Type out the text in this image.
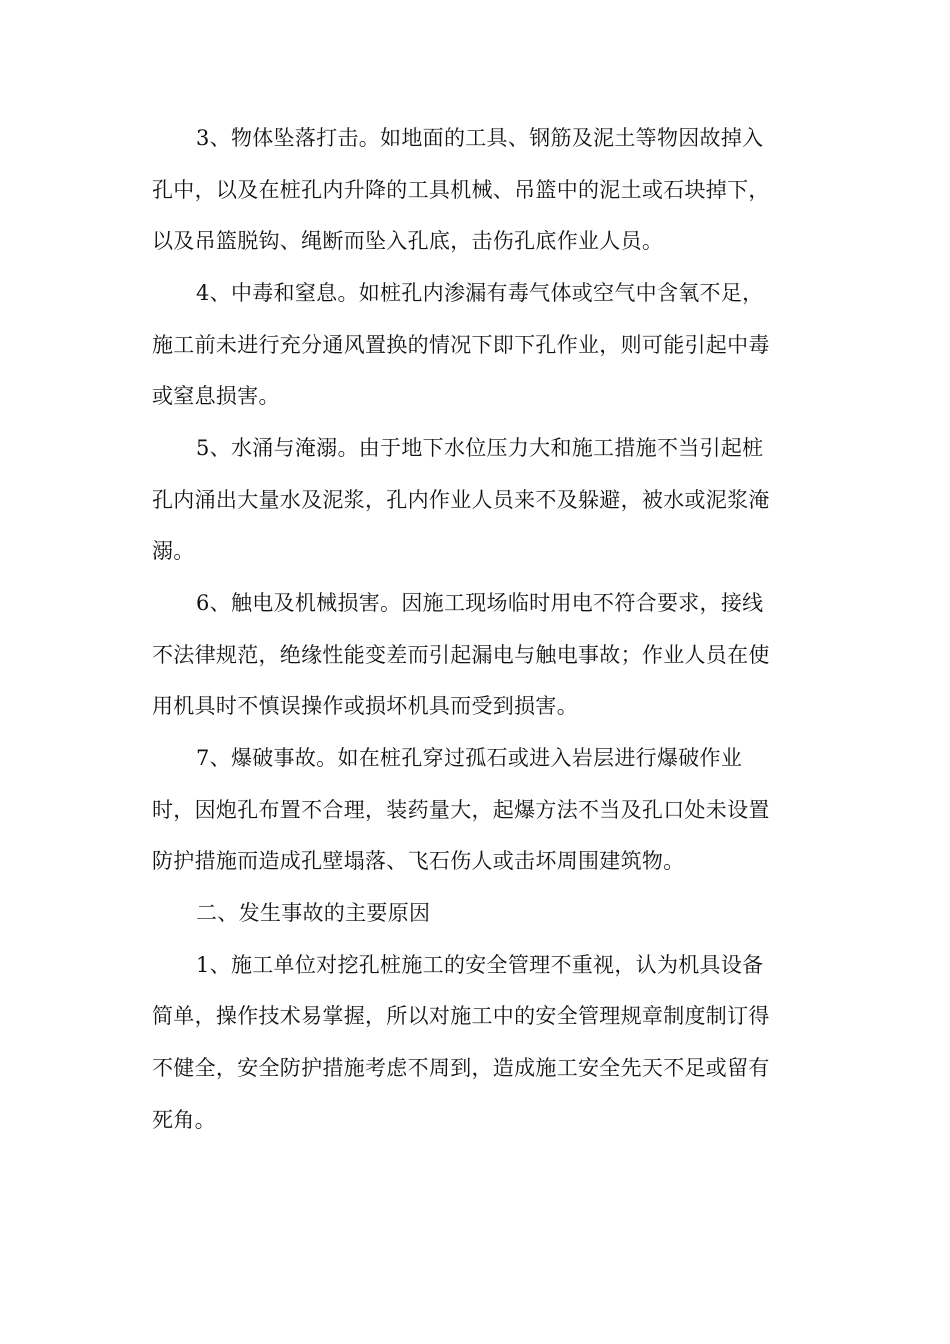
3、物体坠落打击。如地面的工具、钢筋及泥土等物因故掉入
孔中，以及在桩孔内升降的工具机械、吊篮中的泥土或石块掉下，
以及吊篮脱钩、绳断而坠入孔底，击伤孔底作业人员。
4、中毒和窒息。如桩孔内渗漏有毒气体或空气中含氧不足，
施工前未进行充分通风置换的情况下即下孔作业，则可能引起中毒
或窒息损害。
5、水涌与淹溺。由于地下水位压力大和施工措施不当引起桩
孔内涌出大量水及泥浆，孔内作业人员来不及躲避，被水或泥浆淹
溺。
6、触电及机械损害。因施工现场临时用电不符合要求，接线
不法律规范，绝缘性能变差而引起漏电与触电事故；作业人员在使
用机具时不慎误操作或损坏机具而受到损害。
7、爆破事故。如在桩孔穿过孤石或进入岩层进行爆破作业
时，因炮孔布置不合理，装药量大，起爆方法不当及孔口处未设置
防护措施而造成孔壁塌落、飞石伤人或击坏周围建筑物。
二、发生事故的主要原因
1、施工单位对挖孔桩施工的安全管理不重视，认为机具设备
简单，操作技术易掌握，所以对施工中的安全管理规章制度制订得
不健全，安全防护措施考虑不周到，造成施工安全先天不足或留有
死角。
